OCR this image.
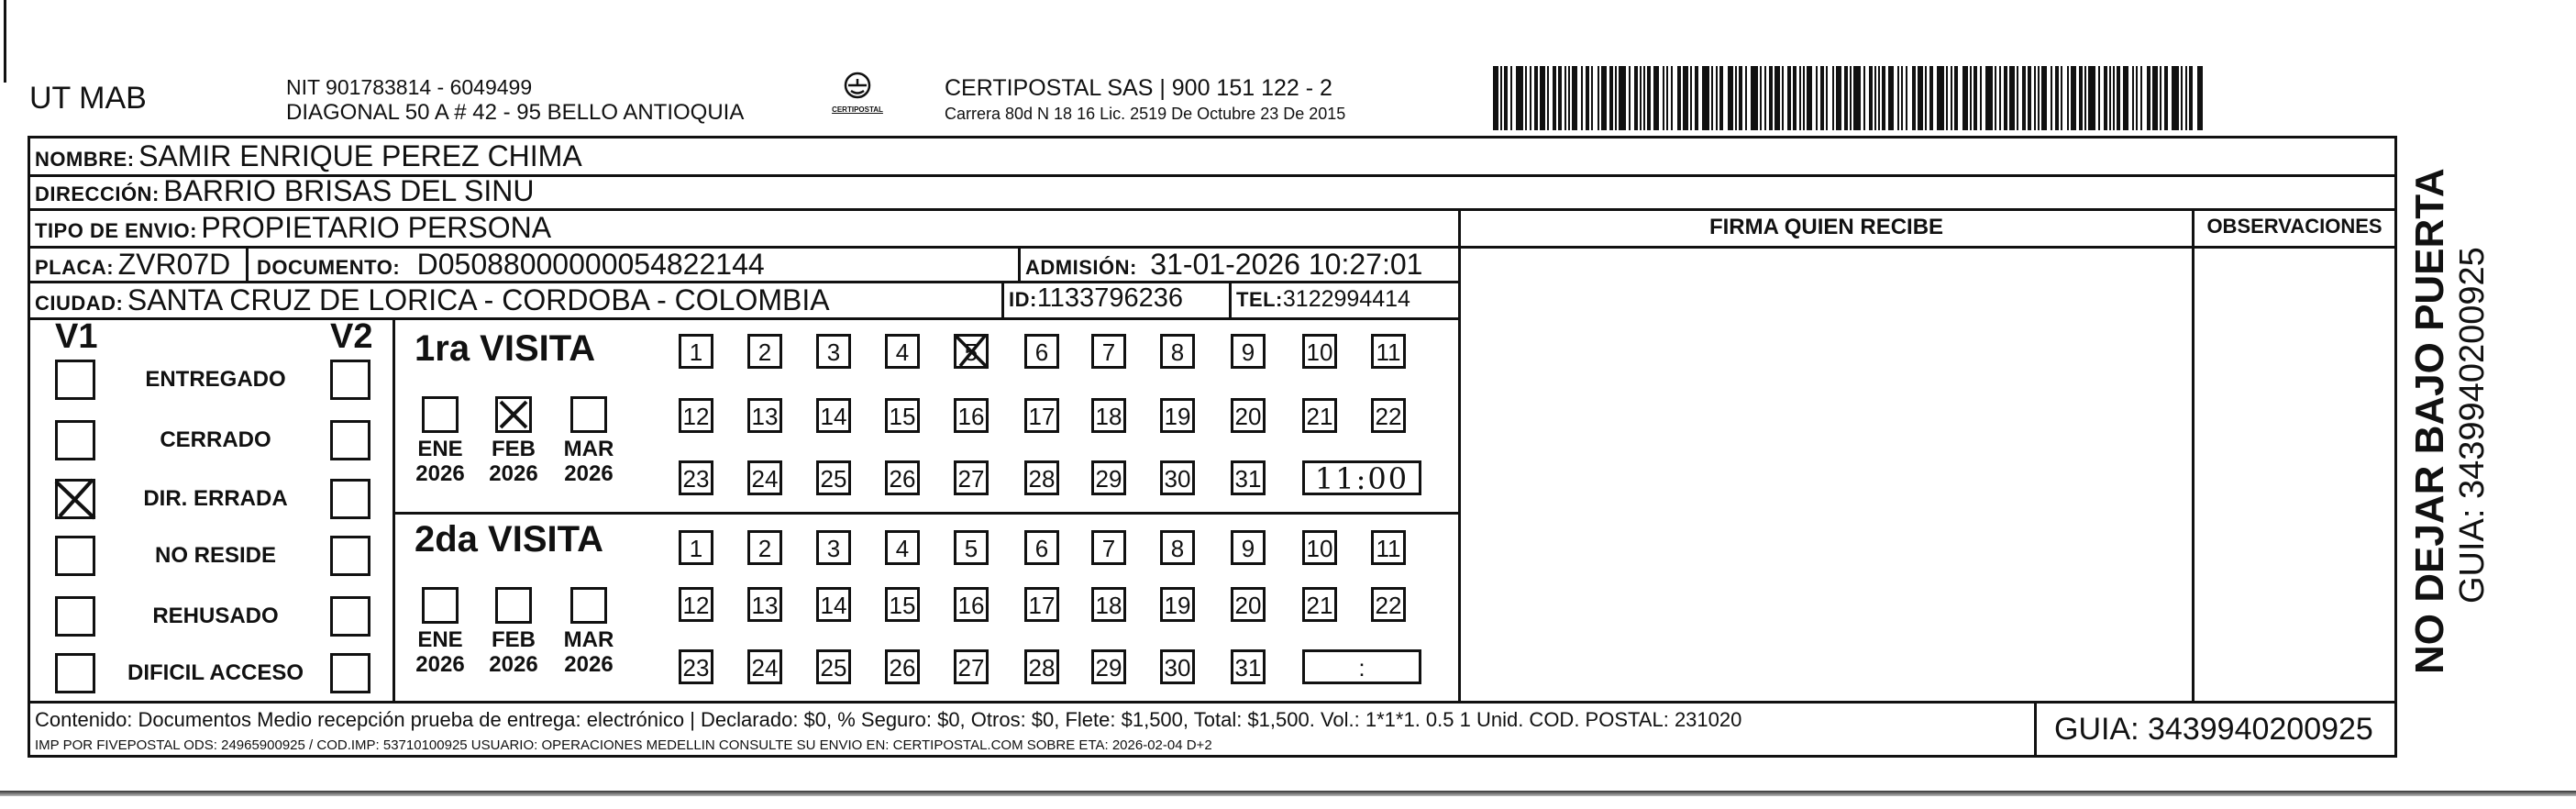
UT MAB	NIT 901783814 - 6049499
DIAGONAL 50 A # 42 - 95 BELLO ANTIOQUIA	CERTIPOSTAL
CERTIPOSTAL SAS | 900 151 122 - 2
Carrera 80d N 18 16 Lic. 2519 De Octubre 23 De 2015
NOMBRE: SAMIR ENRIQUE PEREZ CHIMA
DIRECCIÓN: BARRIO BRISAS DEL SINU
TIPO DE ENVIO: PROPIETARIO PERSONA
PLACA: ZVR07D DOCUMENTO: D05088000000054822144	ADMISIÓN: 31-01-2026 10:27:01
CIUDAD: SANTA CRUZ DE LORICA - CORDOBA - COLOMBIA	ID:1133796236	TEL:3122994414
FIRMA QUIEN RECIBE	OBSERVACIONES
V1	V2
ENTREGADO
CERRADO
DIR. ERRADA
NO RESIDE
REHUSADO
DIFICIL ACCESO
1ra VISITA
2da VISITA
ENE
2026
FEB
2026
MAR
2026
ENE
2026
FEB
2026
MAR
2026
1	2	3	4	5	6	7	8	9	10 11
12 13 14 15 16 17 18 19 20 21 22
23 24 25 26 27 28 29 30 31	11:00
1	2	3	4	5	6	7	8	9	10 11
12 13 14 15 16 17 18 19 20 21 22
23 24 25 26 27 28 29 30 31	:
Contenido: Documentos Medio recepción prueba de entrega: electrónico | Declarado: $0, % Seguro: $0, Otros: $0, Flete: $1,500, Total: $1,500. Vol.: 1*1*1. 0.5 1 Unid. COD. POSTAL: 231020
IMP POR FIVEPOSTAL ODS: 24965900925 / COD.IMP: 53710100925 USUARIO: OPERACIONES MEDELLIN CONSULTE SU ENVIO EN: CERTIPOSTAL.COM SOBRE ETA: 2026-02-04 D+2	GUIA: 3439940200925
NO DEJAR BAJO PUERTA GUIA: 3439940200925
